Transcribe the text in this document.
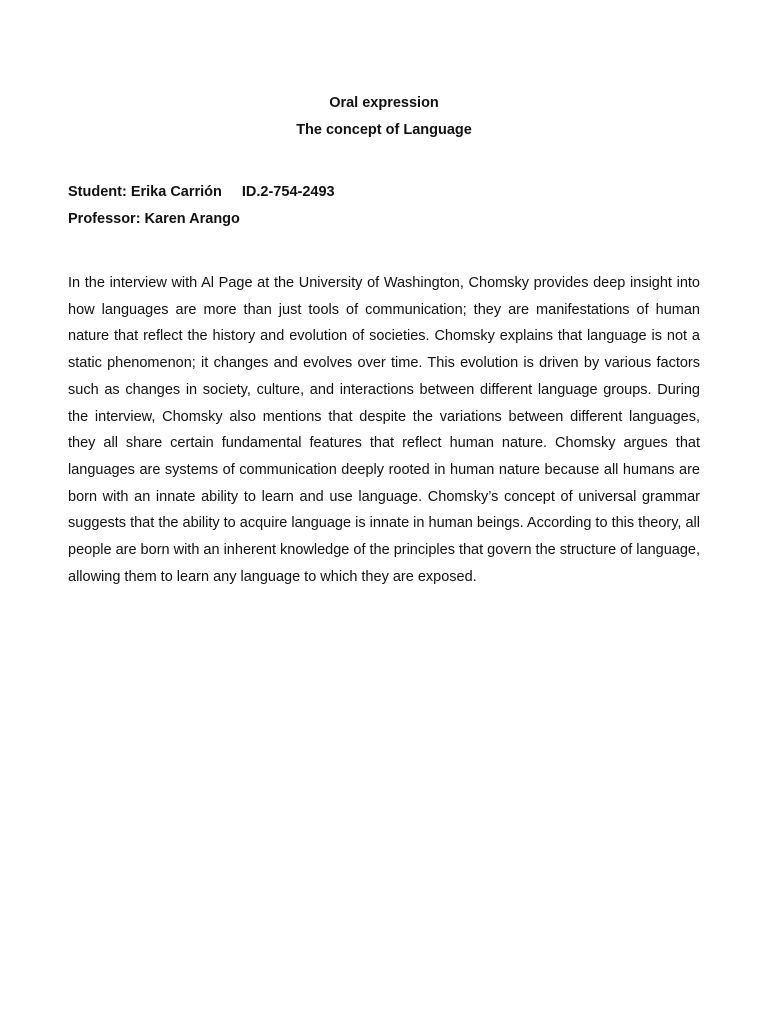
Oral expression
The concept of Language
Student: Erika Carrión ID.2-754-2493
Professor: Karen Arango

In the interview with Al Page at the University of Washington, Chomsky provides deep insight into how languages are more than just tools of communication; they are manifestations of human nature that reflect the history and evolution of societies. Chomsky explains that language is not a static phenomenon; it changes and evolves over time. This evolution is driven by various factors such as changes in society, culture, and interactions between different language groups. During the interview, Chomsky also mentions that despite the variations between different languages, they all share certain fundamental features that reflect human nature. Chomsky argues that languages are systems of communication deeply rooted in human nature because all humans are born with an innate ability to learn and use language. Chomsky’s concept of universal grammar suggests that the ability to acquire language is innate in human beings. According to this theory, all people are born with an inherent knowledge of the principles that govern the structure of language, allowing them to learn any language to which they are exposed.
